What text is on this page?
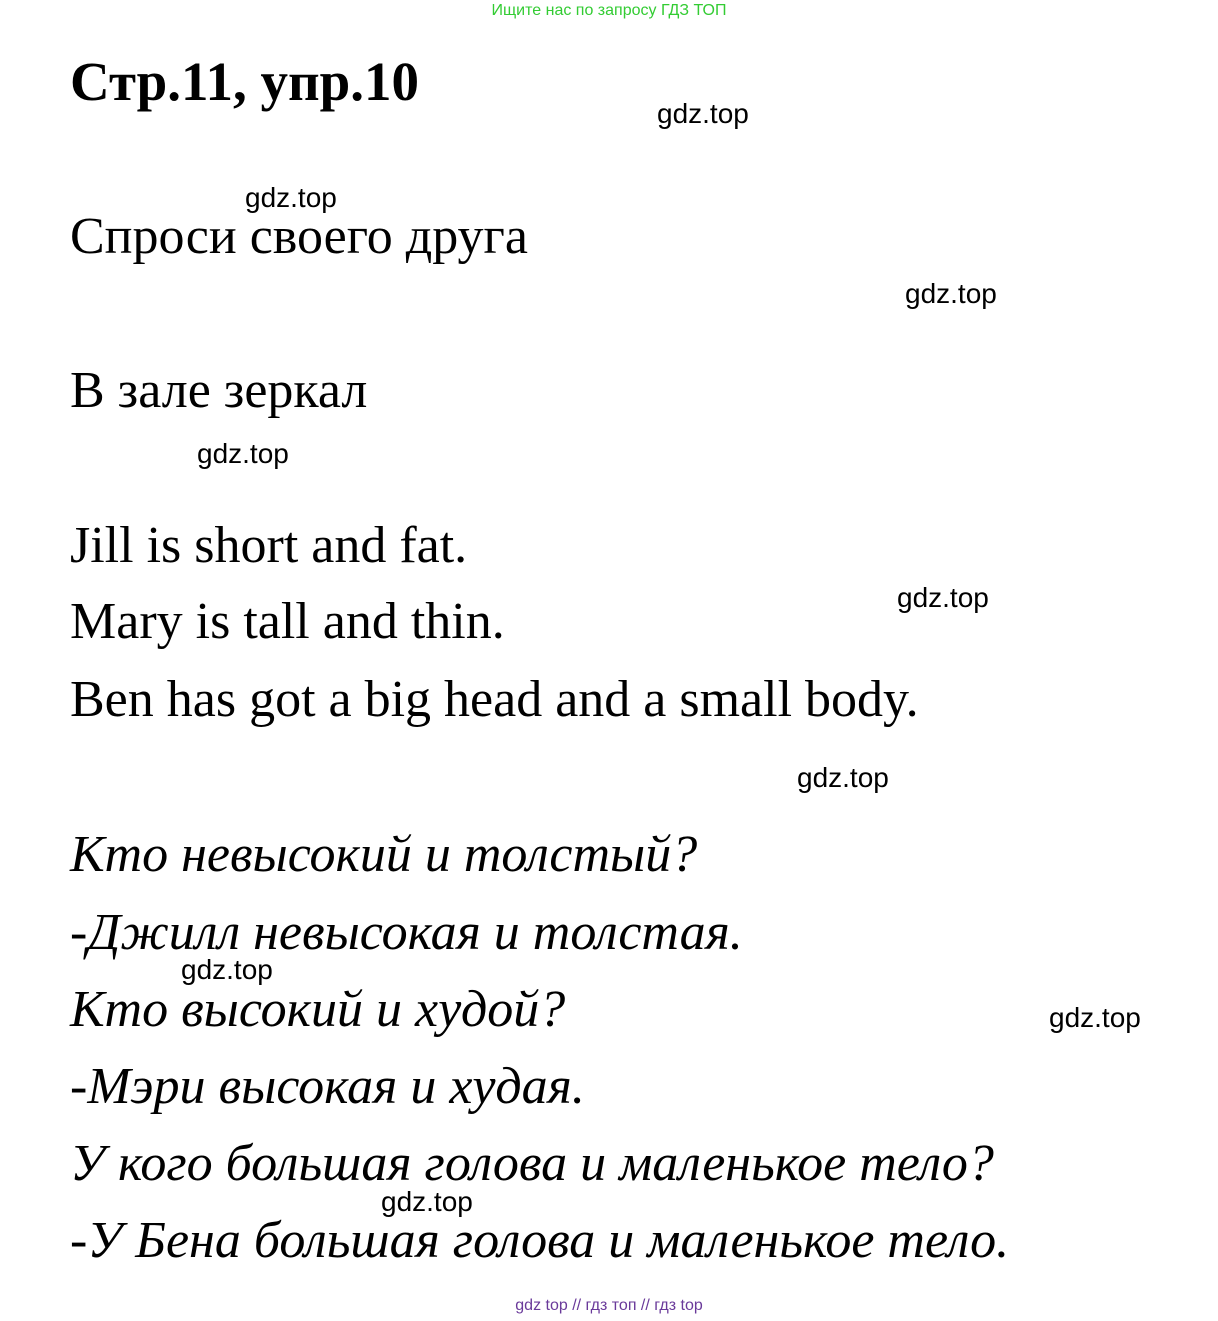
Ищите нас по запросу ГДЗ ТОП
Стр.11, упр.10
Спроси своего друга
В зале зеркал
Jill is short and fat.
Mary is tall and thin.
Ben has got a big head and a small body.
Кто невысокий и толстый?
-Джилл невысокая и толстая.
Кто высокий и худой?
-Мэри высокая и худая.
У кого большая голова и маленькое тело?
-У Бена большая голова и маленькое тело.
gdz.top
gdz.top
gdz.top
gdz.top
gdz.top
gdz.top
gdz.top
gdz.top
gdz.top
gdz top // гдз топ // гдз top
